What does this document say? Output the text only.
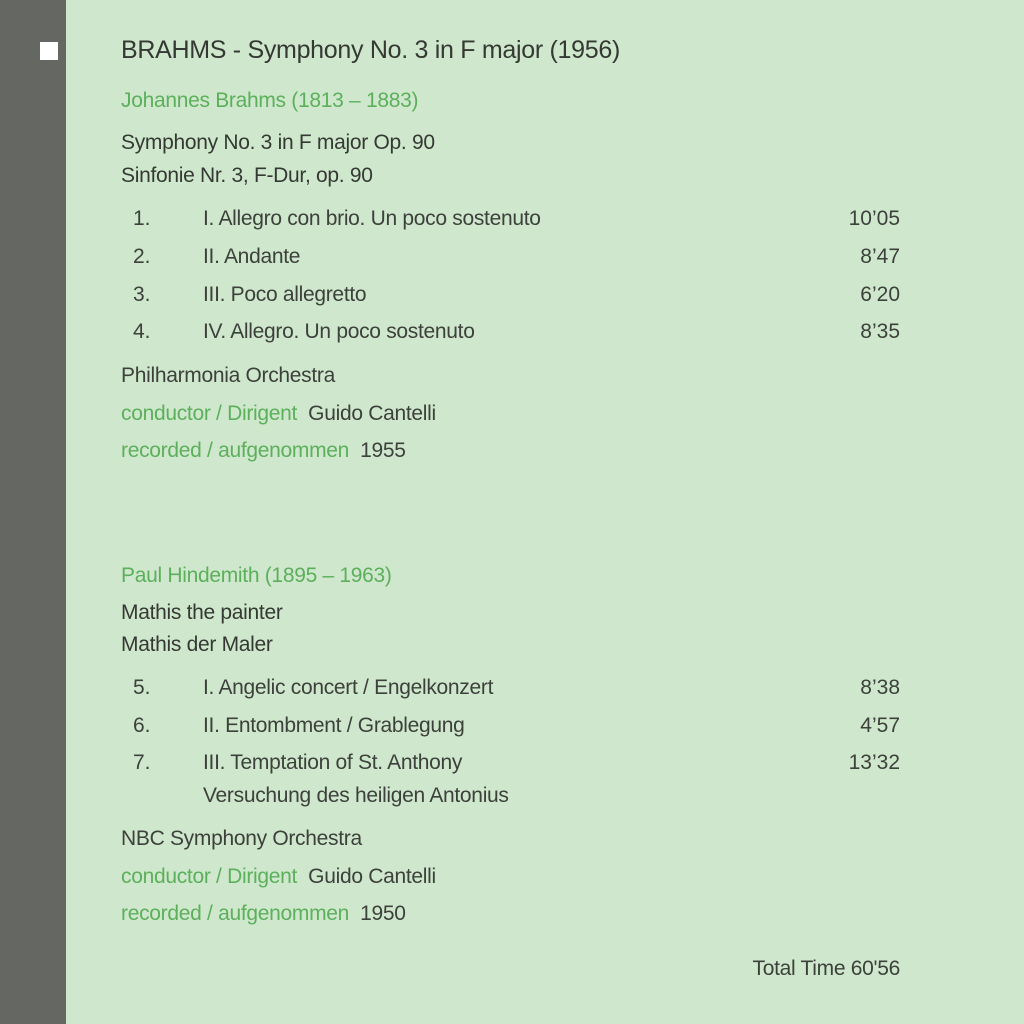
BRAHMS - Symphony No. 3 in F major (1956)
Johannes Brahms (1813 – 1883)
Symphony No. 3 in F major Op. 90
Sinfonie Nr. 3, F-Dur, op. 90
1.	I. Allegro con brio. Un poco sostenuto	10’05
2.	II. Andante	8’47
3.	III. Poco allegretto	6’20
4.	IV. Allegro. Un poco sostenuto	8’35
Philharmonia Orchestra
conductor / Dirigent Guido Cantelli
recorded / aufgenommen 1955
Paul Hindemith (1895 – 1963)
Mathis the painter
Mathis der Maler
5.	I. Angelic concert / Engelkonzert	8’38
6.	II. Entombment / Grablegung	4’57
7.	III. Temptation of St. Anthony	13’32
Versuchung des heiligen Antonius
NBC Symphony Orchestra
conductor / Dirigent Guido Cantelli
recorded / aufgenommen 1950
Total Time 60'56
